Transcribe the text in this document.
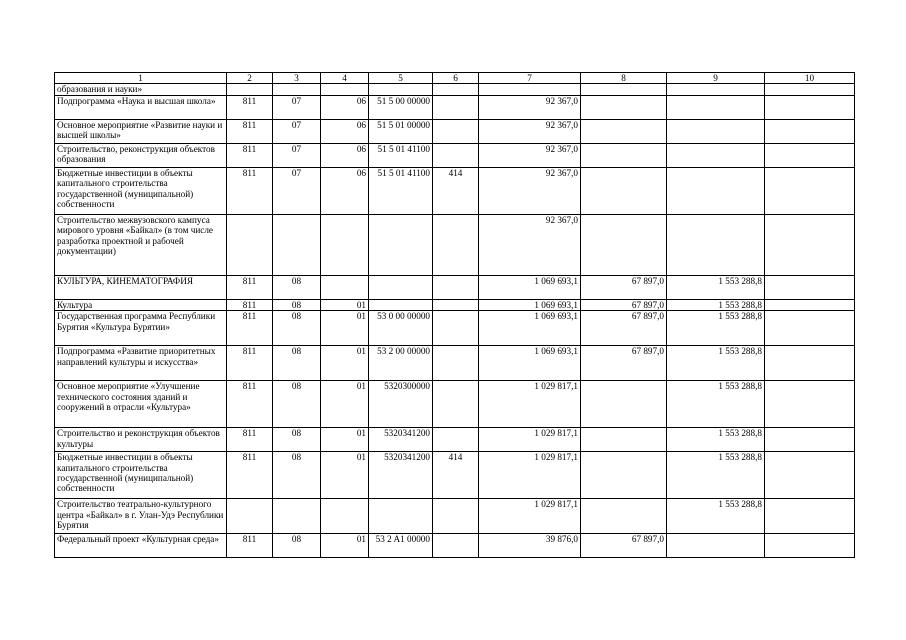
1	2	3	4	5	6	7	8	9	10
образования и науки»									
Подпрограмма «Наука и высшая школа»	811	07	06	51 5 00 00000		92 367,0			
Основное мероприятие «Развитие науки и высшей школы»	811	07	06	51 5 01 00000		92 367,0			
Строительство, реконструкция объектов образования	811	07	06	51 5 01 41100		92 367,0			
Бюджетные инвестиции в объекты капитального строительства государственной (муниципальной) собственности	811	07	06	51 5 01 41100	414	92 367,0			
Строительство межвузовского кампуса мирового уровня «Байкал» (в том числе разработка проектной и рабочей документации)						92 367,0			
КУЛЬТУРА, КИНЕМАТОГРАФИЯ	811	08				1 069 693,1	67 897,0	1 553 288,8	
Культура	811	08	01			1 069 693,1	67 897,0	1 553 288,8	
Государственная программа Республики Бурятия «Культура Бурятии»	811	08	01	53 0 00 00000		1 069 693,1	67 897,0	1 553 288,8	
Подпрограмма «Развитие приоритетных направлений культуры и искусства»	811	08	01	53 2 00 00000		1 069 693,1	67 897,0	1 553 288,8	
Основное мероприятие «Улучшение технического состояния зданий и сооружений в отрасли «Культура»	811	08	01	5320300000		1 029 817,1		1 553 288,8	
Строительство и реконструкция объектов культуры	811	08	01	5320341200		1 029 817,1		1 553 288,8	
Бюджетные инвестиции в объекты капитального строительства государственной (муниципальной) собственности	811	08	01	5320341200	414	1 029 817,1		1 553 288,8	
Строительство театрально-культурного центра «Байкал» в г. Улан-Удэ Республики Бурятия						1 029 817,1		1 553 288,8	
Федеральный проект «Культурная среда»	811	08	01	53 2 A1 00000		39 876,0	67 897,0		
